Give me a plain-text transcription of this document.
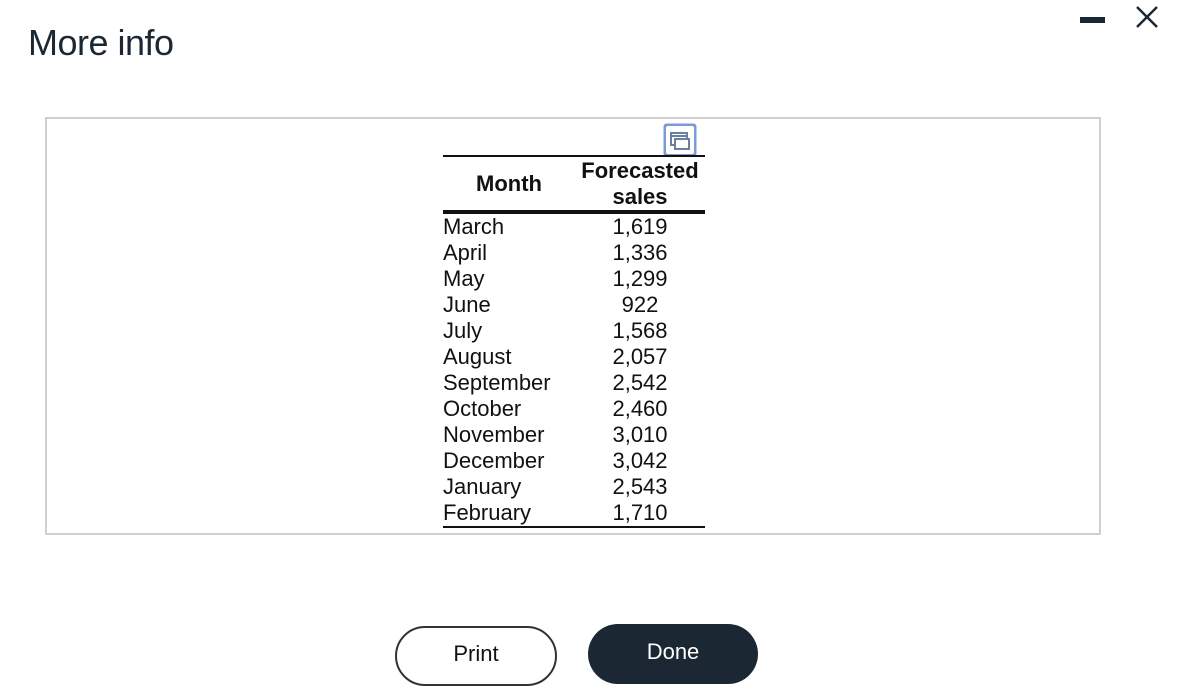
More info
Month	Forecasted
sales

March	1,619
April	1,336
May	1,299
June	922
July	1,568
August	2,057
September	2,542
October	2,460
November	3,010
December	3,042
January	2,543
February	1,710
Print	Done
